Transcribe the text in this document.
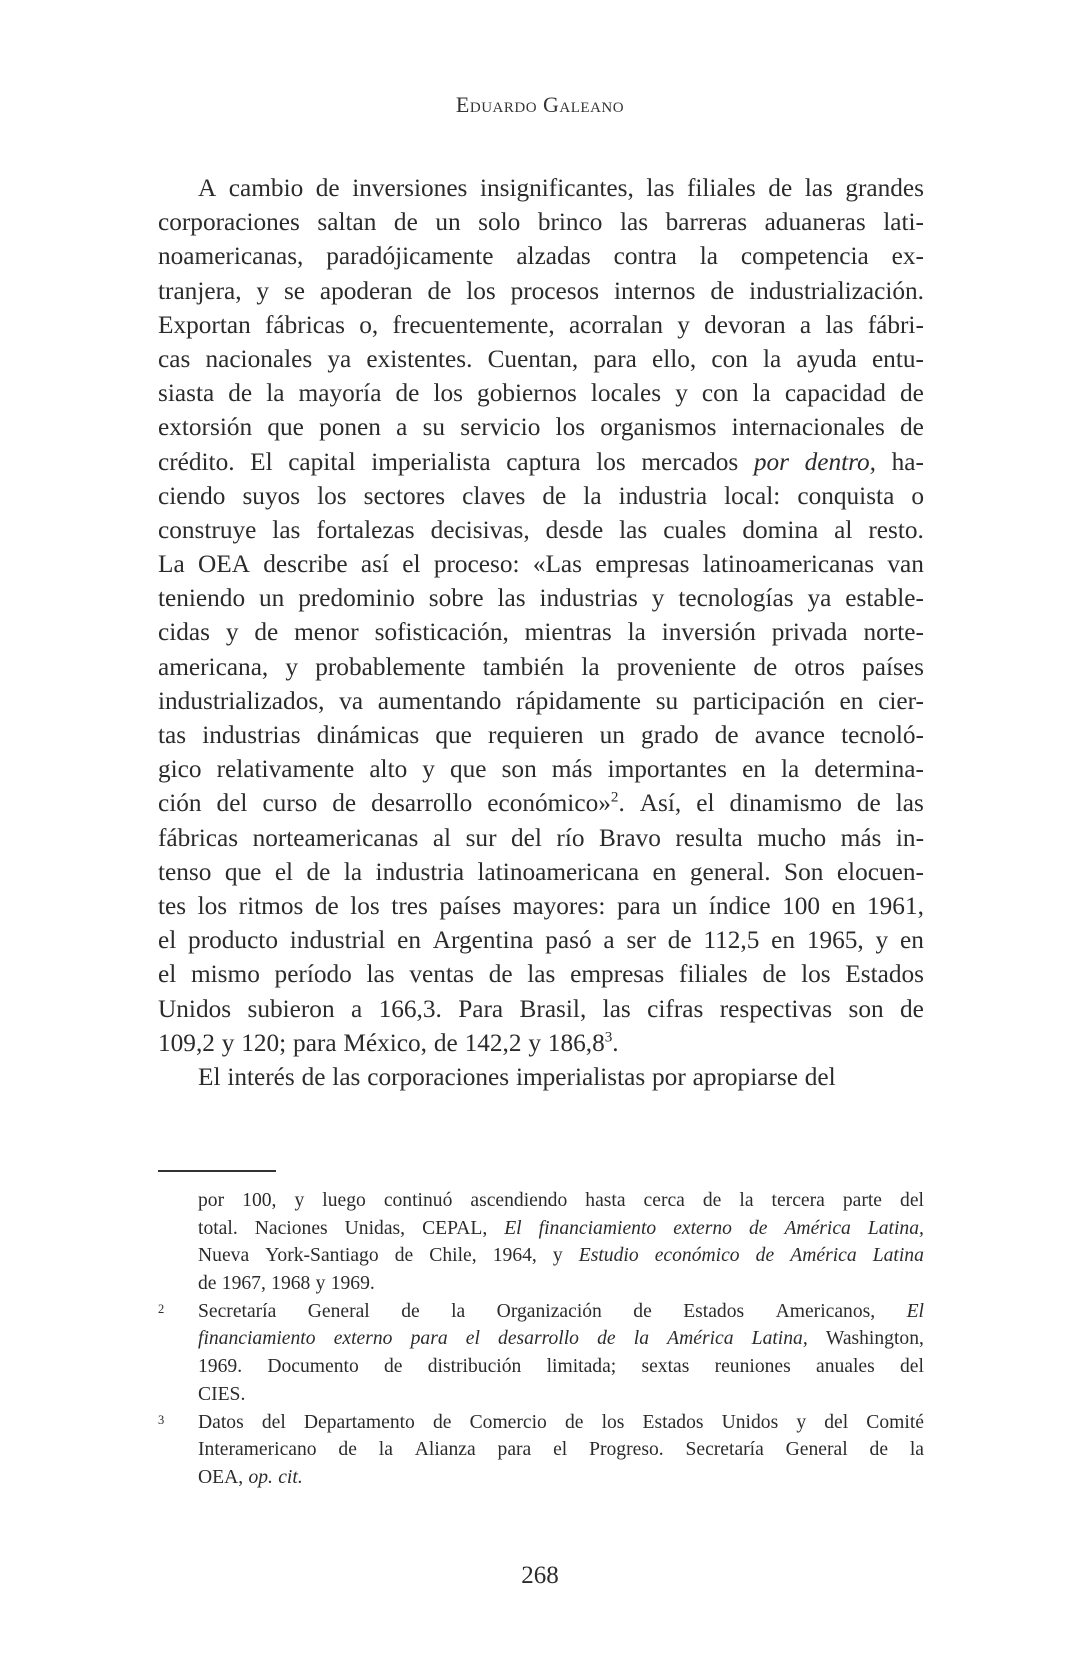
Eduardo Galeano
A cambio de inversiones insignificantes, las filiales de las grandes
corporaciones saltan de un solo brinco las barreras aduaneras lati-
noamericanas, paradójicamente alzadas contra la competencia ex-
tranjera, y se apoderan de los procesos internos de industrialización.
Exportan fábricas o, frecuentemente, acorralan y devoran a las fábri-
cas nacionales ya existentes. Cuentan, para ello, con la ayuda entu-
siasta de la mayoría de los gobiernos locales y con la capacidad de
extorsión que ponen a su servicio los organismos internacionales de
crédito. El capital imperialista captura los mercados por dentro, ha-
ciendo suyos los sectores claves de la industria local: conquista o
construye las fortalezas decisivas, desde las cuales domina al resto.
La OEA describe así el proceso: «Las empresas latinoamericanas van
teniendo un predominio sobre las industrias y tecnologías ya estable-
cidas y de menor sofisticación, mientras la inversión privada norte-
americana, y probablemente también la proveniente de otros países
industrializados, va aumentando rápidamente su participación en cier-
tas industrias dinámicas que requieren un grado de avance tecnoló-
gico relativamente alto y que son más importantes en la determina-
ción del curso de desarrollo económico»$^2$. Así, el dinamismo de las
fábricas norteamericanas al sur del río Bravo resulta mucho más in-
tenso que el de la industria latinoamericana en general. Son elocuen-
tes los ritmos de los tres países mayores: para un índice 100 en 1961,
el producto industrial en Argentina pasó a ser de 112,5 en 1965, y en
el mismo período las ventas de las empresas filiales de los Estados
Unidos subieron a 166,3. Para Brasil, las cifras respectivas son de
109,2 y 120; para México, de 142,2 y 186,8$^3$.
El interés de las corporaciones imperialistas por apropiarse del
por 100, y luego continuó ascendiendo hasta cerca de la tercera parte del
total. Naciones Unidas, CEPAL, El financiamiento externo de América Latina,
Nueva York-Santiago de Chile, 1964, y Estudio económico de América Latina
de 1967, 1968 y 1969.
2 Secretaría General de la Organización de Estados Americanos, El
financiamiento externo para el desarrollo de la América Latina, Washington,
1969. Documento de distribución limitada; sextas reuniones anuales del
CIES.
3 Datos del Departamento de Comercio de los Estados Unidos y del Comité
Interamericano de la Alianza para el Progreso. Secretaría General de la
OEA, op. cit.
268
